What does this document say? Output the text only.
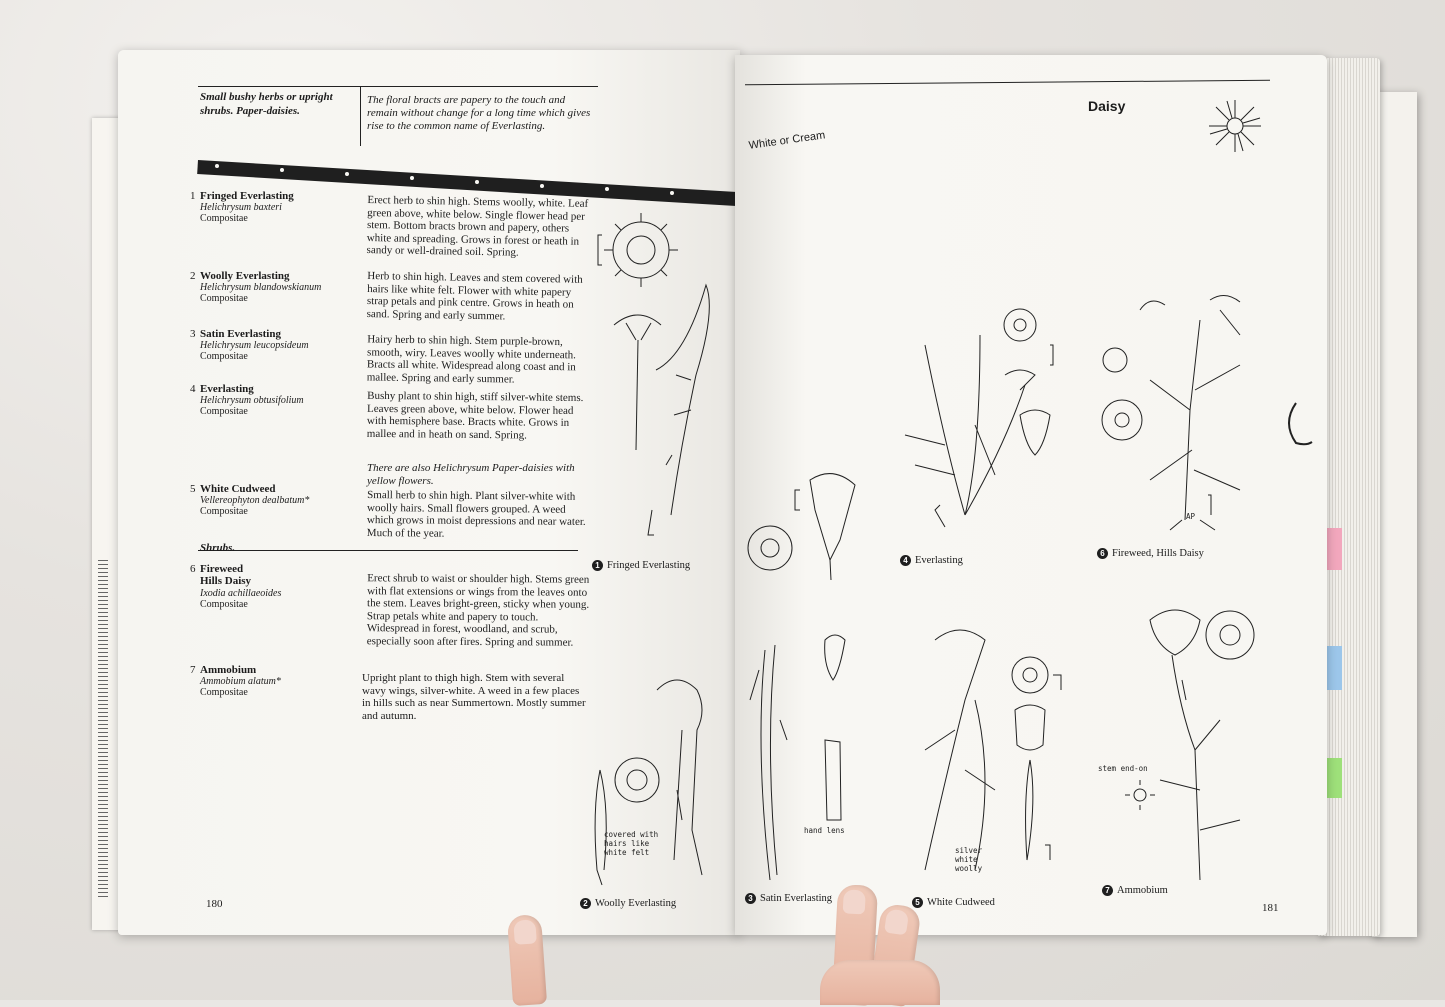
Small bushy herbs or upright shrubs. Paper-daisies.
The floral bracts are papery to the touch and remain without change for a long time which gives rise to the common name of Everlasting.
1 Fringed Everlasting
Helichrysum baxteri
Compositae
Erect herb to shin high. Stems woolly, white. Leaf green above, white below. Single flower head per stem. Bottom bracts brown and papery, others white and spreading. Grows in forest or heath in sandy or well-drained soil. Spring.
2 Woolly Everlasting
Helichrysum blandowskianum
Compositae
Herb to shin high. Leaves and stem covered with hairs like white felt. Flower with white papery strap petals and pink centre. Grows in heath on sand. Spring and early summer.
3 Satin Everlasting
Helichrysum leucopsideum
Compositae
Hairy herb to shin high. Stem purple-brown, smooth, wiry. Leaves woolly white underneath. Bracts all white. Widespread along coast and in mallee. Spring and early summer.
4 Everlasting
Helichrysum obtusifolium
Compositae
Bushy plant to shin high, stiff silver-white stems. Leaves green above, white below. Flower head with hemisphere base. Bracts white. Grows in mallee and in heath on sand. Spring.
There are also Helichrysum Paper-daisies with yellow flowers.
5 White Cudweed
Vellereophyton dealbatum*
Compositae
Small herb to shin high. Plant silver-white with woolly hairs. Small flowers grouped. A weed which grows in moist depressions and near water. Much of the year.
Shrubs.
6 Fireweed
Hills Daisy
Ixodia achillaeoides
Compositae
Erect shrub to waist or shoulder high. Stems green with flat extensions or wings from the leaves onto the stem. Leaves bright-green, sticky when young. Strap petals white and papery to touch. Widespread in forest, woodland, and scrub, especially soon after fires. Spring and summer.
7 Ammobium
Ammobium alatum*
Compositae
Upright plant to thigh high. Stem with several wavy wings, silver-white. A weed in a few places in hills such as near Summertown. Mostly summer and autumn.
180
1 Fringed Everlasting
covered with hairs like white felt
2 Woolly Everlasting
White or Cream
Daisy
hand lens
3 Satin Everlasting
4 Everlasting
silver white woolly
5 White Cudweed
AP
6 Fireweed, Hills Daisy
stem end-on
7 Ammobium
181
